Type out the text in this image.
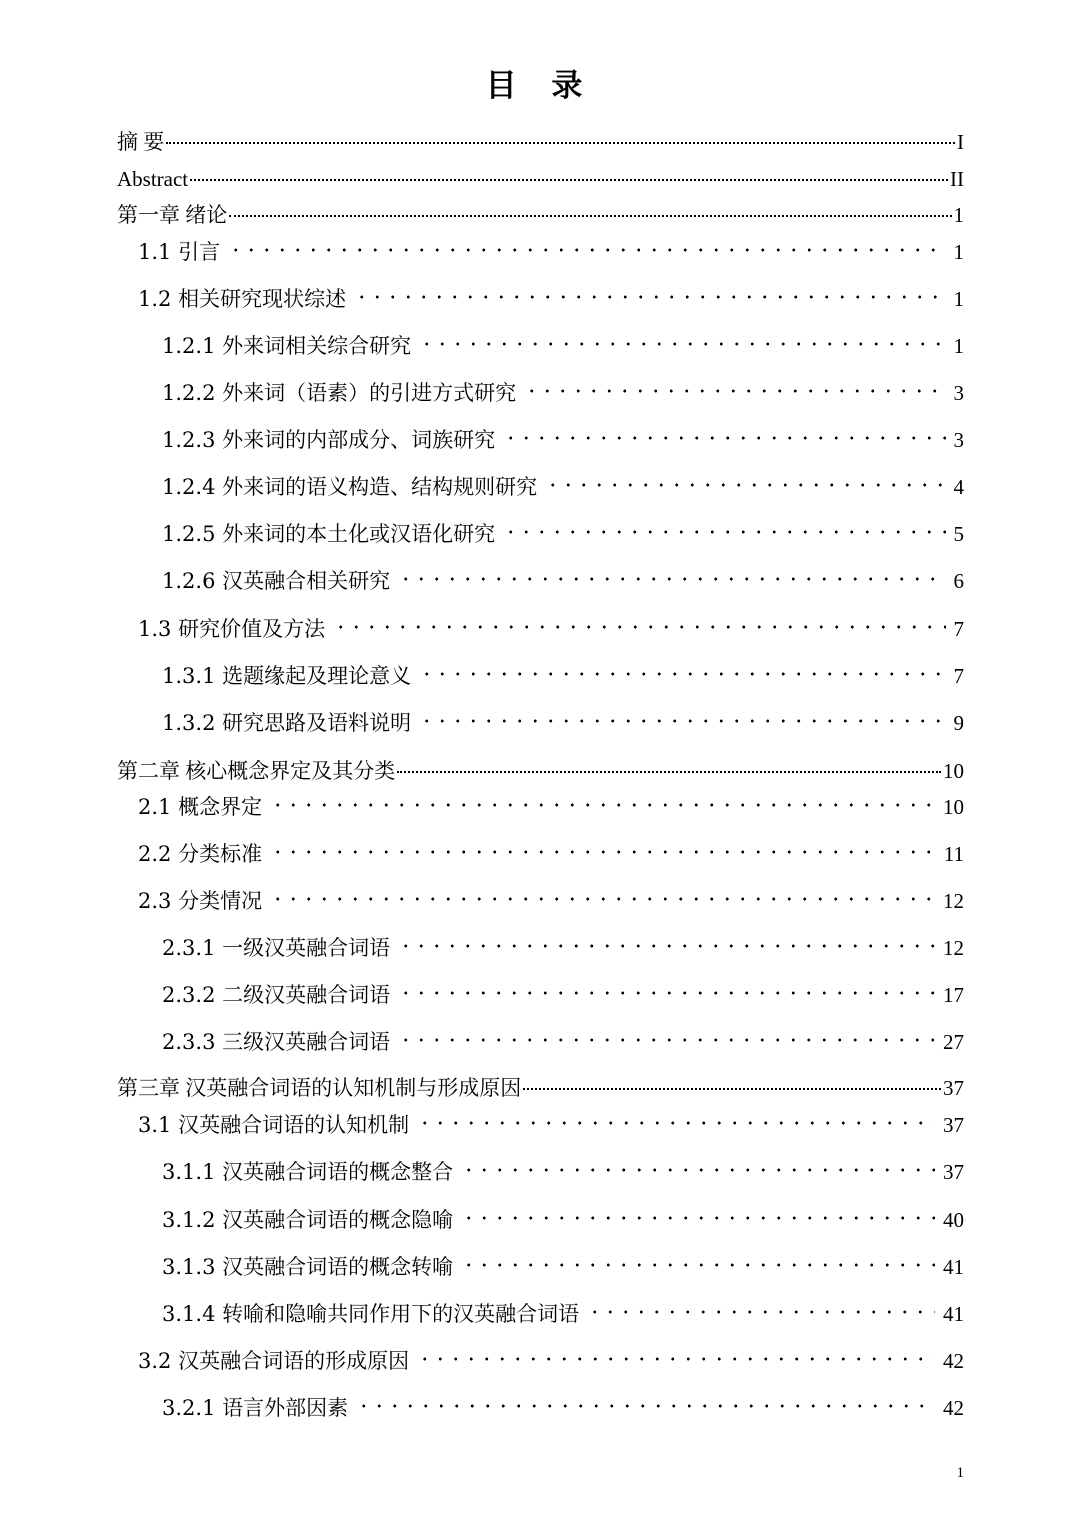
目 录
摘 要	I
Abstract	II
第一章 绪论	1
1.1 引言	1
1.2 相关研究现状综述	1
1.2.1 外来词相关综合研究	1
1.2.2 外来词（语素）的引进方式研究	3
1.2.3 外来词的内部成分、词族研究	3
1.2.4 外来词的语义构造、结构规则研究	4
1.2.5 外来词的本土化或汉语化研究	5
1.2.6 汉英融合相关研究	6
1.3 研究价值及方法	7
1.3.1 选题缘起及理论意义	7
1.3.2 研究思路及语料说明	9
第二章 核心概念界定及其分类	10
2.1 概念界定	10
2.2 分类标准	11
2.3 分类情况	12
2.3.1 一级汉英融合词语	12
2.3.2 二级汉英融合词语	17
2.3.3 三级汉英融合词语	27
第三章 汉英融合词语的认知机制与形成原因	37
3.1 汉英融合词语的认知机制	37
3.1.1 汉英融合词语的概念整合	37
3.1.2 汉英融合词语的概念隐喻	40
3.1.3 汉英融合词语的概念转喻	41
3.1.4 转喻和隐喻共同作用下的汉英融合词语	41
3.2 汉英融合词语的形成原因	42
3.2.1 语言外部因素	42
1
